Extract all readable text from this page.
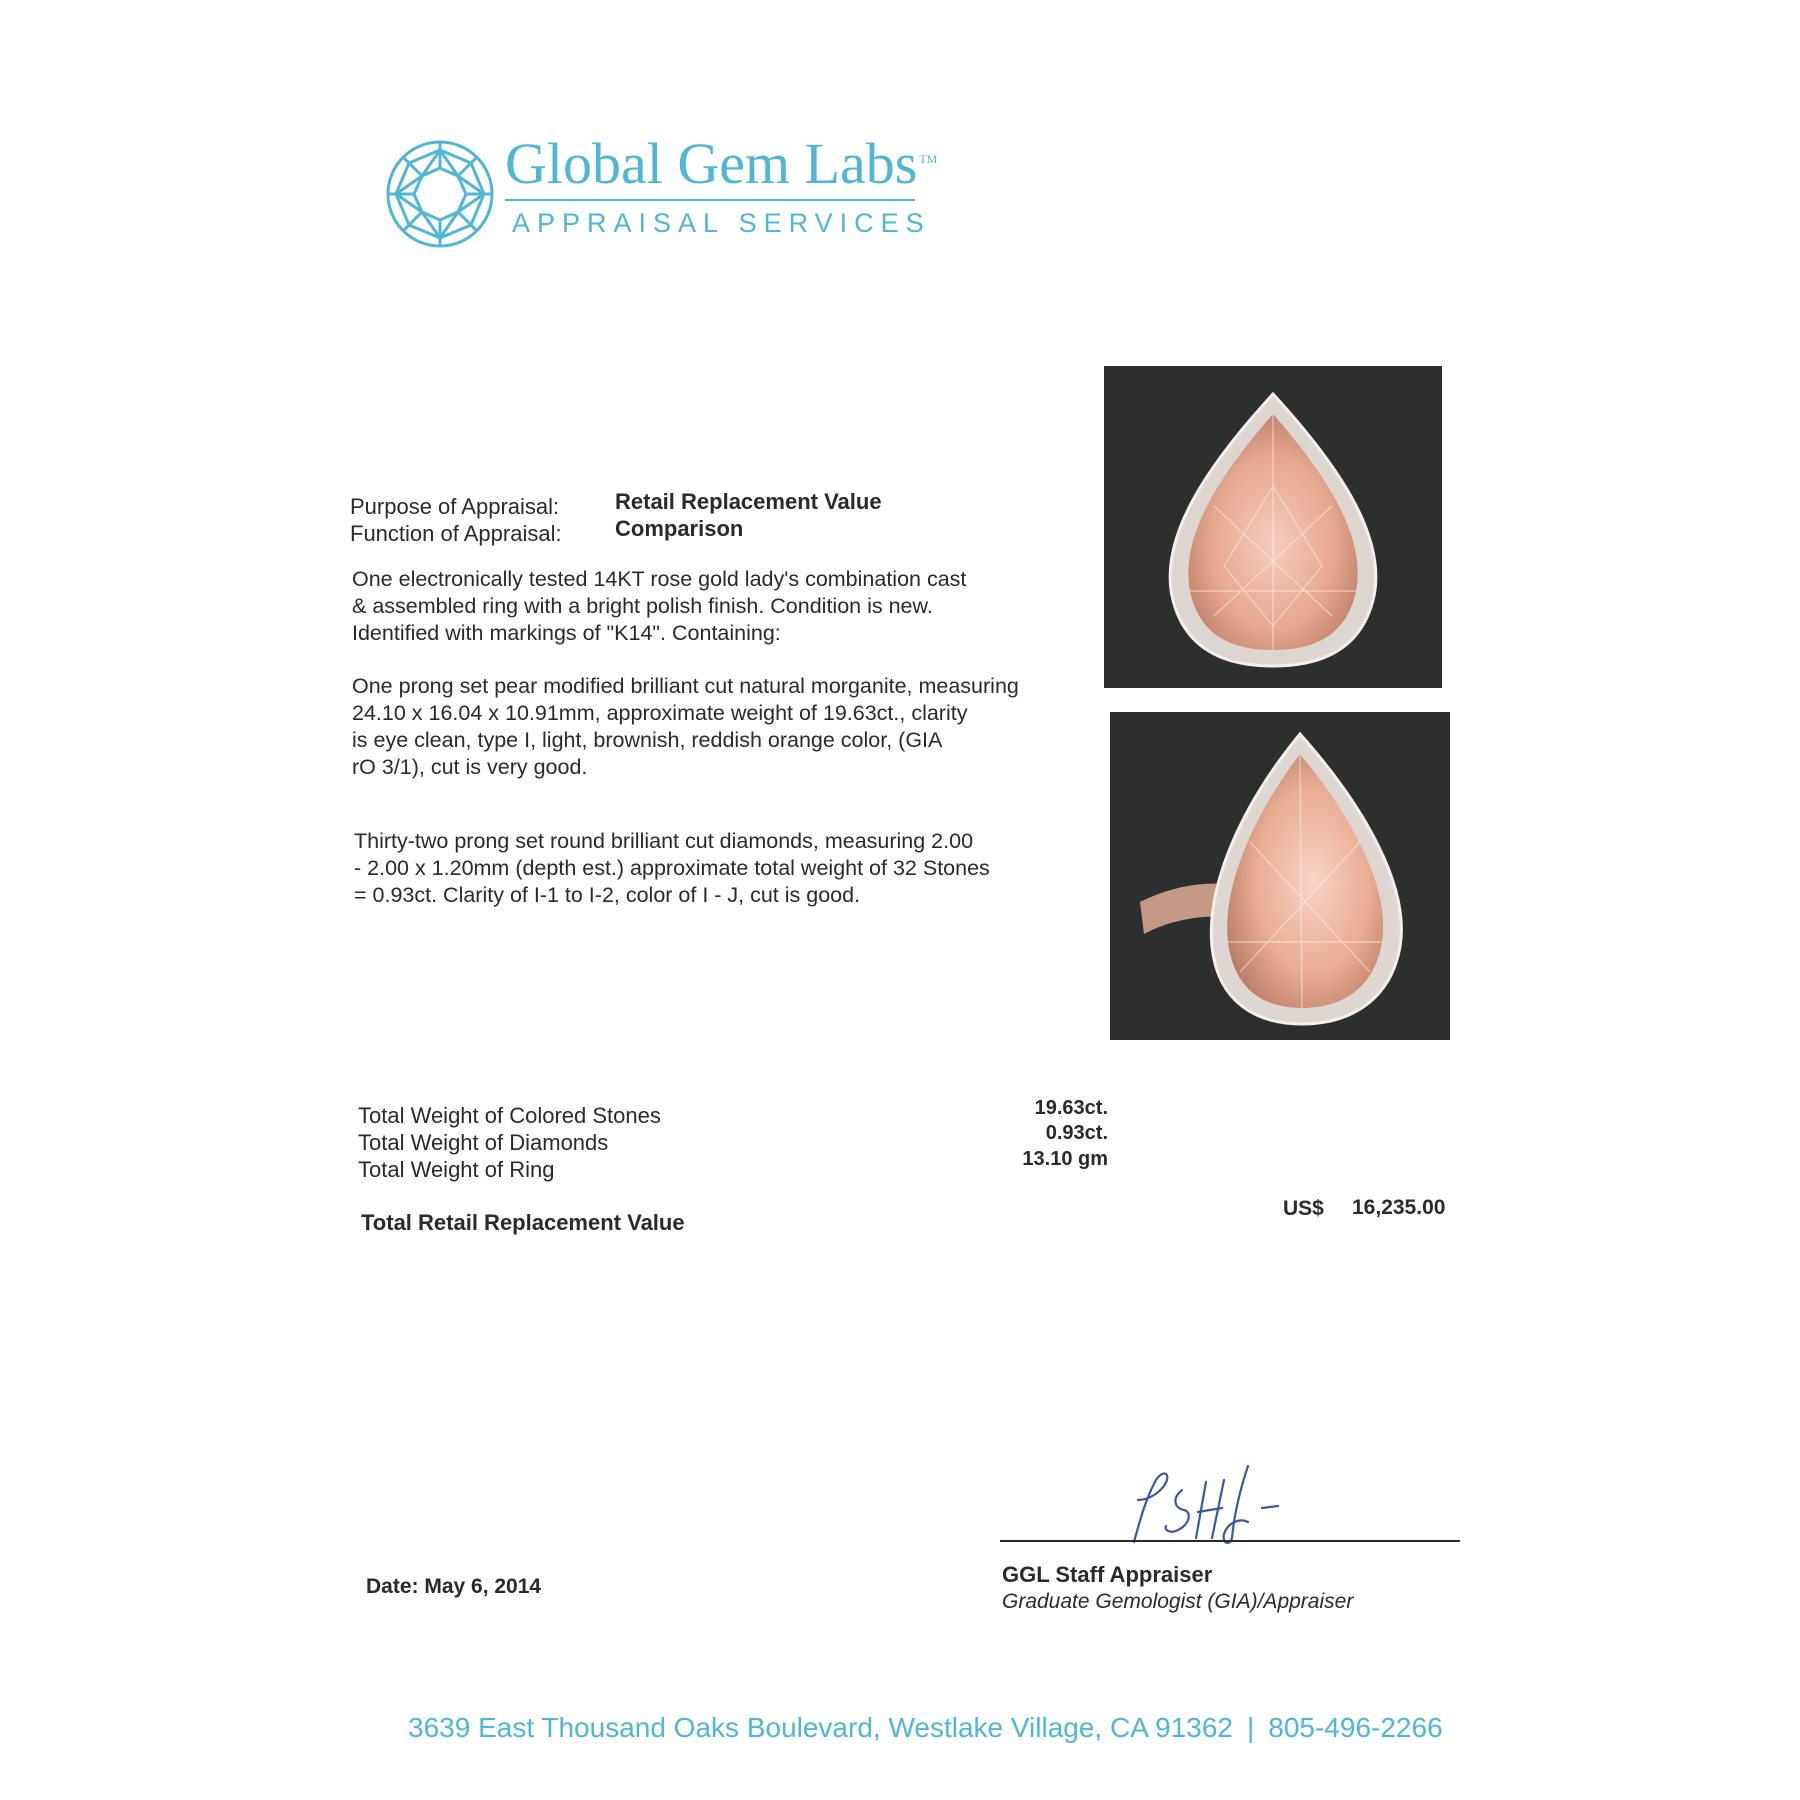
Global Gem Labs ™
APPRAISAL SERVICES
Purpose of Appraisal:	Retail Replacement Value
Function of Appraisal: Comparison
One electronically tested 14KT rose gold lady's combination cast
& assembled ring with a bright polish finish. Condition is new.
Identified with markings of "K14". Containing:
One prong set pear modified brilliant cut natural morganite, measuring
24.10 x 16.04 x 10.91mm, approximate weight of 19.63ct., clarity
is eye clean, type I, light, brownish, reddish orange color, (GIA
rO 3/1), cut is very good.
Thirty-two prong set round brilliant cut diamonds, measuring 2.00
- 2.00 x 1.20mm (depth est.) approximate total weight of 32 Stones
= 0.93ct. Clarity of I-1 to I-2, color of I - J, cut is good.
Total Weight of Colored Stones
Total Weight of Diamonds
Total Weight of Ring
19.63ct.
0.93ct.
13.10 gm
Total Retail Replacement Value
US$ 16,235.00
GGL Staff Appraiser
Graduate Gemologist (GIA)/Appraiser
Date: May 6, 2014
3639 East Thousand Oaks Boulevard, Westlake Village, CA 91362 | 805-496-2266
